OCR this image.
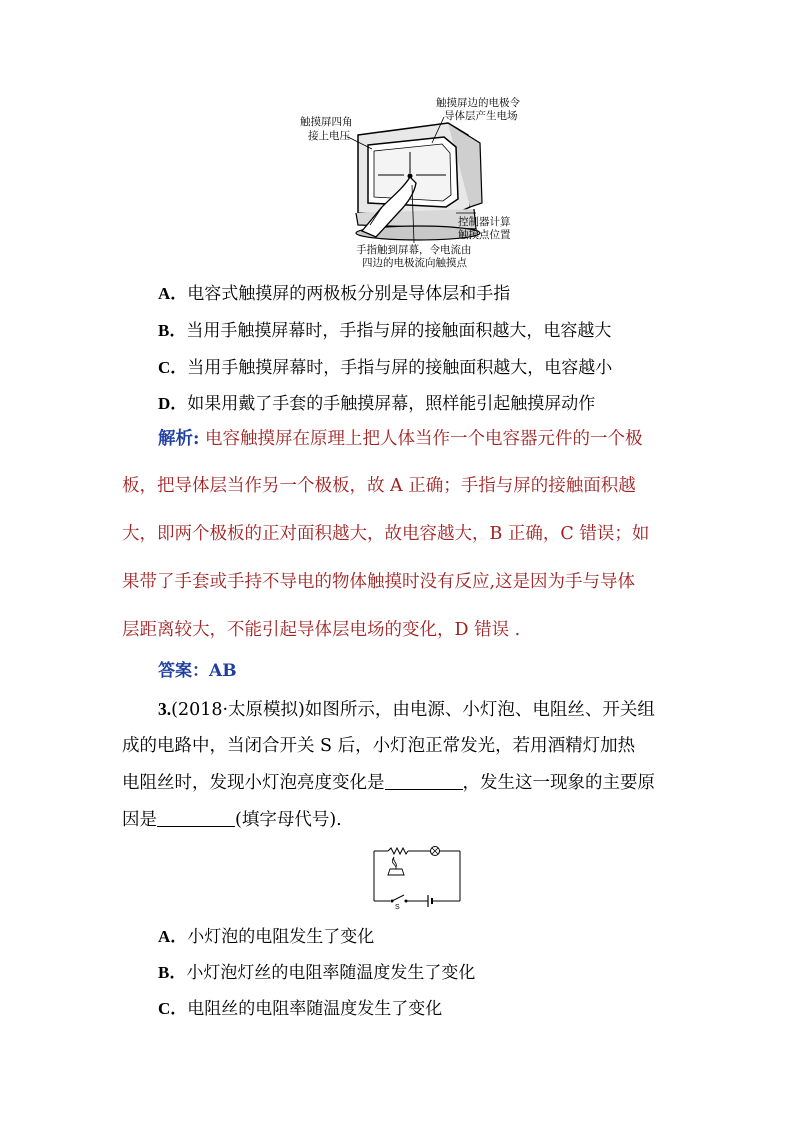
触摸屏四角
接上电压
触摸屏边的电极令
导体层产生电场
控制器计算
触摸点位置
手指触到屏幕，令电流由
四边的电极流向触摸点
A．电容式触摸屏的两极板分别是导体层和手指
B．当用手触摸屏幕时，手指与屏的接触面积越大，电容越大
C．当用手触摸屏幕时，手指与屏的接触面积越大，电容越小
D．如果用戴了手套的手触摸屏幕，照样能引起触摸屏动作
解析: 电容触摸屏在原理上把人体当作一个电容器元件的一个极
板，把导体层当作另一个极板，故 A 正确；手指与屏的接触面积越
大，即两个极板的正对面积越大，故电容越大，B 正确，C 错误；如
果带了手套或手持不导电的物体触摸时没有反应,这是因为手与导体
层距离较大，不能引起导体层电场的变化，D 错误 .
答案：AB
3.(2018·太原模拟)如图所示，由电源、小灯泡、电阻丝、开关组
成的电路中，当闭合开关 S 后，小灯泡正常发光，若用酒精灯加热
电阻丝时，发现小灯泡亮度变化是	，发生这一现象的主要原
因是	(填字母代号).
S
A．小灯泡的电阻发生了变化
B．小灯泡灯丝的电阻率随温度发生了变化
C．电阻丝的电阻率随温度发生了变化
